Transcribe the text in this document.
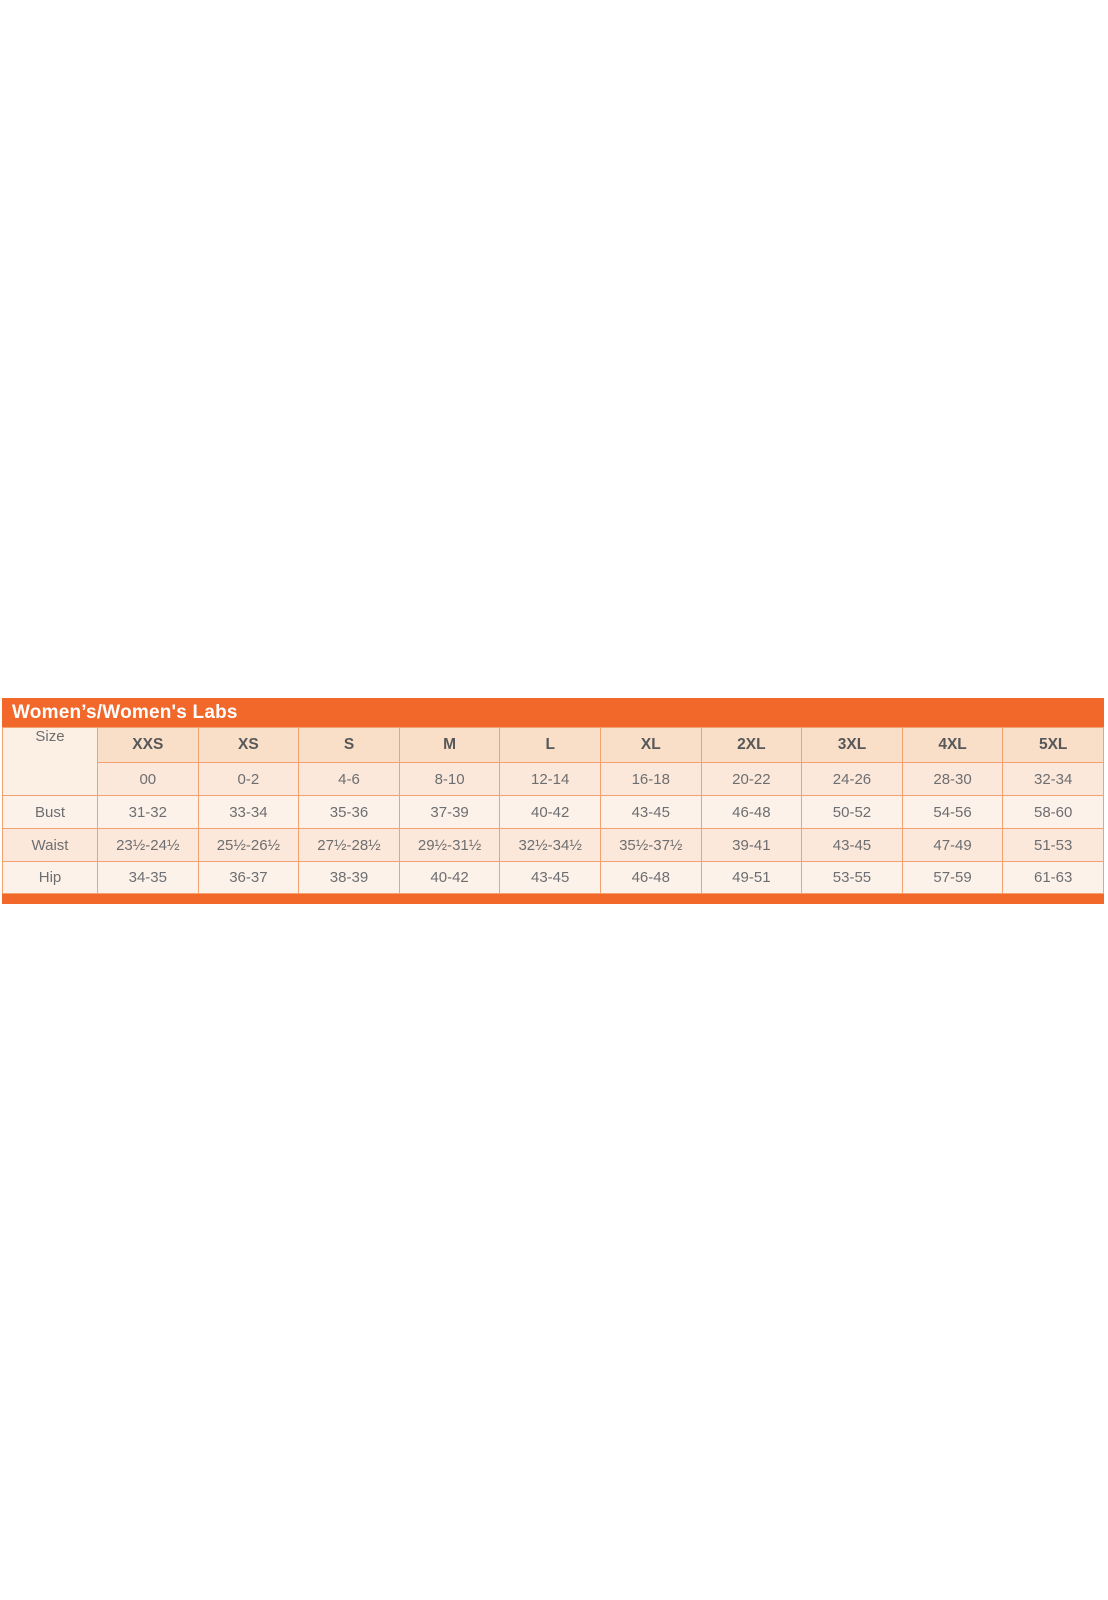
Women’s/Women's Labs
Size	XXS	XS	S	M	L	XL	2XL	3XL	4XL	5XL
	00	0-2	4-6	8-10	12-14	16-18	20-22	24-26	28-30	32-34
Bust	31-32	33-34	35-36	37-39	40-42	43-45	46-48	50-52	54-56	58-60
Waist	23½-24½	25½-26½	27½-28½	29½-31½	32½-34½	35½-37½	39-41	43-45	47-49	51-53
Hip	34-35	36-37	38-39	40-42	43-45	46-48	49-51	53-55	57-59	61-63
